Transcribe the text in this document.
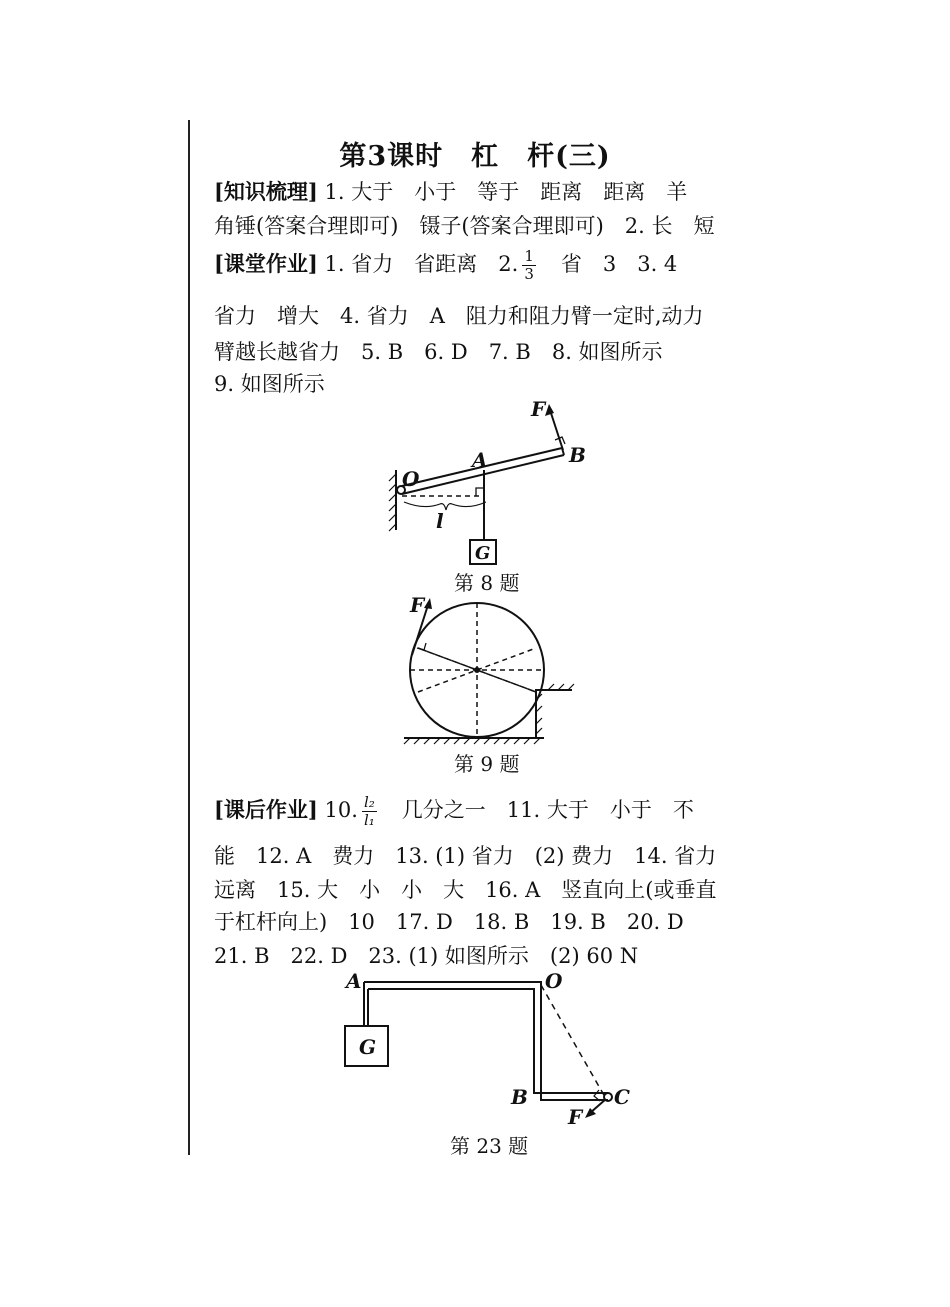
第3课时　杠　杆(三)
[知识梳理] 1. 大于　小于　等于　距离　距离　羊
角锤(答案合理即可)　镊子(答案合理即可)　2. 长　短
[课堂作业] 1. 省力　省距离　2. $\frac{1}{3}$ 　省　3　3. 4
省力　增大　4. 省力　A　阻力和阻力臂一定时,动力
臂越长越省力　5. B　6. D　7. B　8. 如图所示
9. 如图所示
F
A	B
O
l
G
第 8 题
F
第 9 题
[课后作业] 10. $\frac{\text{l₂}}{\text{l₁}}$ 　几分之一　11. 大于　小于　不
能　12. A　费力　13. (1) 省力　(2) 费力　14. 省力
远离　15. 大　小　小　大　16. A　竖直向上(或垂直
于杠杆向上)　10　17. D　18. B　19. B　20. D
21. B　22. D　23. (1) 如图所示　(2) 60 N
A	O
G
B	C
F
第 23 题
